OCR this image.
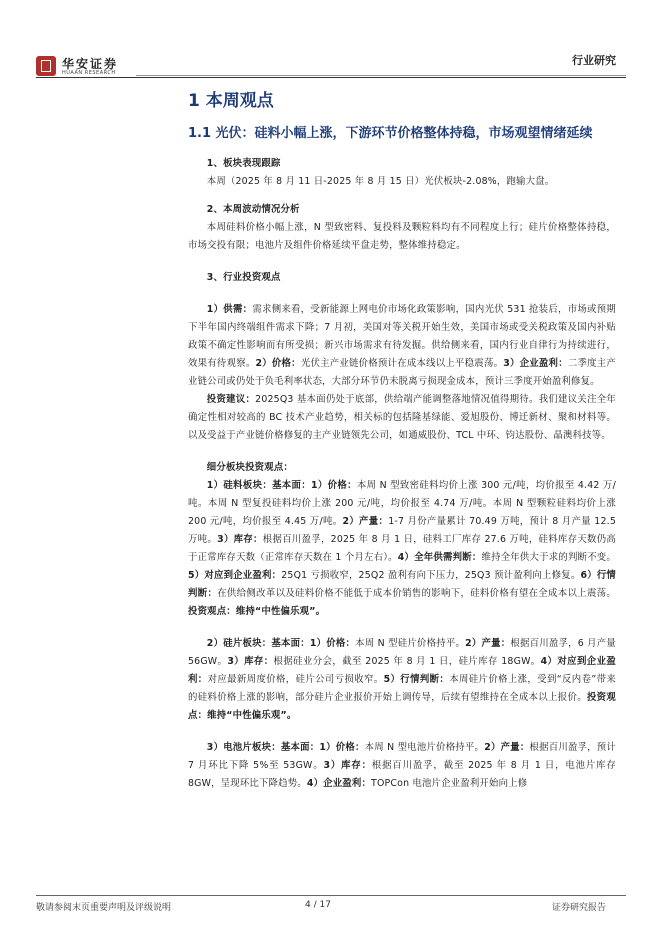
华安证券
HUAAN RESEARCH
行业研究
1 本周观点
1.1 光伏：硅料小幅上涨，下游环节价格整体持稳，市场观望情绪延续

1、板块表现跟踪

本周（2025 年 8 月 11 日-2025 年 8 月 15 日）光伏板块-2.08%，跑输大盘。

2、本周波动情况分析

本周硅料价格小幅上涨，N 型致密料、复投料及颗粒料均有不同程度上行；硅片价格整体持稳，市场交投有限；电池片及组件价格延续平盘走势，整体维持稳定。

3、行业投资观点

1）供需：需求侧来看，受新能源上网电价市场化政策影响，国内光伏 531 抢装后，市场或预期下半年国内终端组件需求下降；7 月初，美国对等关税开始生效，美国市场或受关税政策及国内补贴政策不确定性影响而有所受损；新兴市场需求有待发掘。供给侧来看，国内行业自律行为持续进行，效果有待观察。2）价格：光伏主产业链价格预计在成本线以上平稳震荡。3）企业盈利：二季度主产业链公司或仍处于负毛利率状态，大部分环节仍未脱离亏损现金成本，预计三季度开始盈利修复。

投资建议：2025Q3 基本面仍处于底部，供给端产能调整落地情况值得期待。我们建议关注全年确定性相对较高的 BC 技术产业趋势，相关标的包括隆基绿能、爱旭股份、博迁新材、聚和材料等。以及受益于产业链价格修复的主产业链领先公司，如通威股份、TCL 中环、钧达股份、晶澳科技等。

细分板块投资观点：

1）硅料板块：基本面：1）价格：本周 N 型致密硅料均价上涨 300 元/吨，均价报至 4.42 万/吨。本周 N 型复投硅料均价上涨 200 元/吨，均价报至 4.74 万/吨。本周 N 型颗粒硅料均价上涨 200 元/吨，均价报至 4.45 万/吨。2）产量：1-7 月份产量累计 70.49 万吨，预计 8 月产量 12.5 万吨。3）库存：根据百川盈孚，2025 年 8 月 1 日，硅料工厂库存 27.6 万吨，硅料库存天数仍高于正常库存天数（正常库存天数在 1 个月左右）。4）全年供需判断：维持全年供大于求的判断不变。5）对应到企业盈利：25Q1 亏损收窄，25Q2 盈利有向下压力，25Q3 预计盈利向上修复。6）行情判断：在供给侧改革以及硅料价格不能低于成本价销售的影响下，硅料价格有望在全成本以上震荡。投资观点：维持“中性偏乐观”。

2）硅片板块：基本面：1）价格：本周 N 型硅片价格持平。2）产量：根据百川盈孚，6 月产量 56GW。3）库存：根据硅业分会，截至 2025 年 8 月 1 日，硅片库存 18GW。4）对应到企业盈利：对应最新周度价格，硅片公司亏损收窄。5）行情判断：本周硅片价格上涨，受到“反内卷”带来的硅料价格上涨的影响，部分硅片企业报价开始上调传导，后续有望维持在全成本以上报价。投资观点：维持“中性偏乐观”。

3）电池片板块：基本面：1）价格：本周 N 型电池片价格持平。2）产量：根据百川盈孚，预计 7 月环比下降 5%至 53GW。3）库存：根据百川盈孚，截至 2025 年 8 月 1 日，电池片库存 8GW，呈现环比下降趋势。4）企业盈利：TOPCon 电池片企业盈利开始向上修

敬请参阅末页重要声明及评级说明	4 / 17	证券研究报告
